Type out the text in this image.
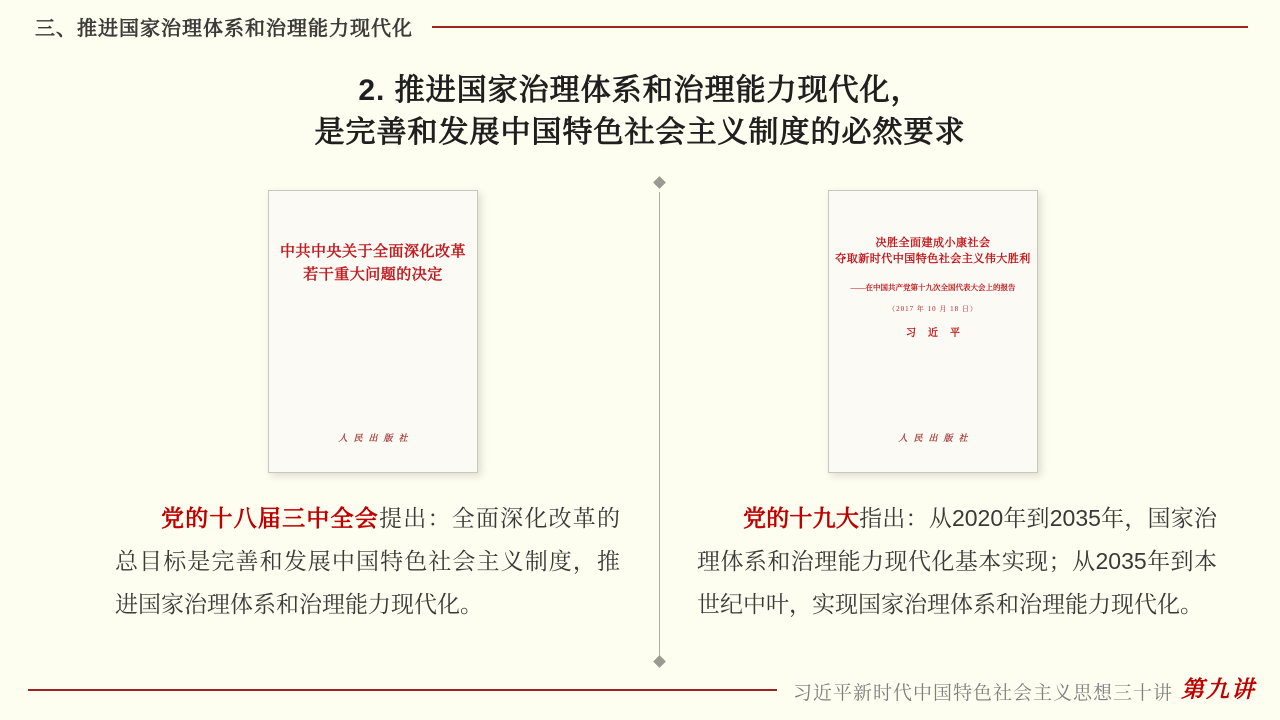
三、推进国家治理体系和治理能力现代化
2. 推进国家治理体系和治理能力现代化，
是完善和发展中国特色社会主义制度的必然要求
中共中央关于全面深化改革
若干重大问题的决定
人民出版社
决胜全面建成小康社会
夺取新时代中国特色社会主义伟大胜利
——在中国共产党第十九次全国代表大会上的报告
（2017 年 10 月 18 日）
习近平
人民出版社
党的十八届三中全会提出：全面深化改革的总目标是完善和发展中国特色社会主义制度，推进国家治理体系和治理能力现代化。
党的十九大指出：从2020年到2035年，国家治理体系和治理能力现代化基本实现；从2035年到本世纪中叶，实现国家治理体系和治理能力现代化。
习近平新时代中国特色社会主义思想三十讲 第九讲
